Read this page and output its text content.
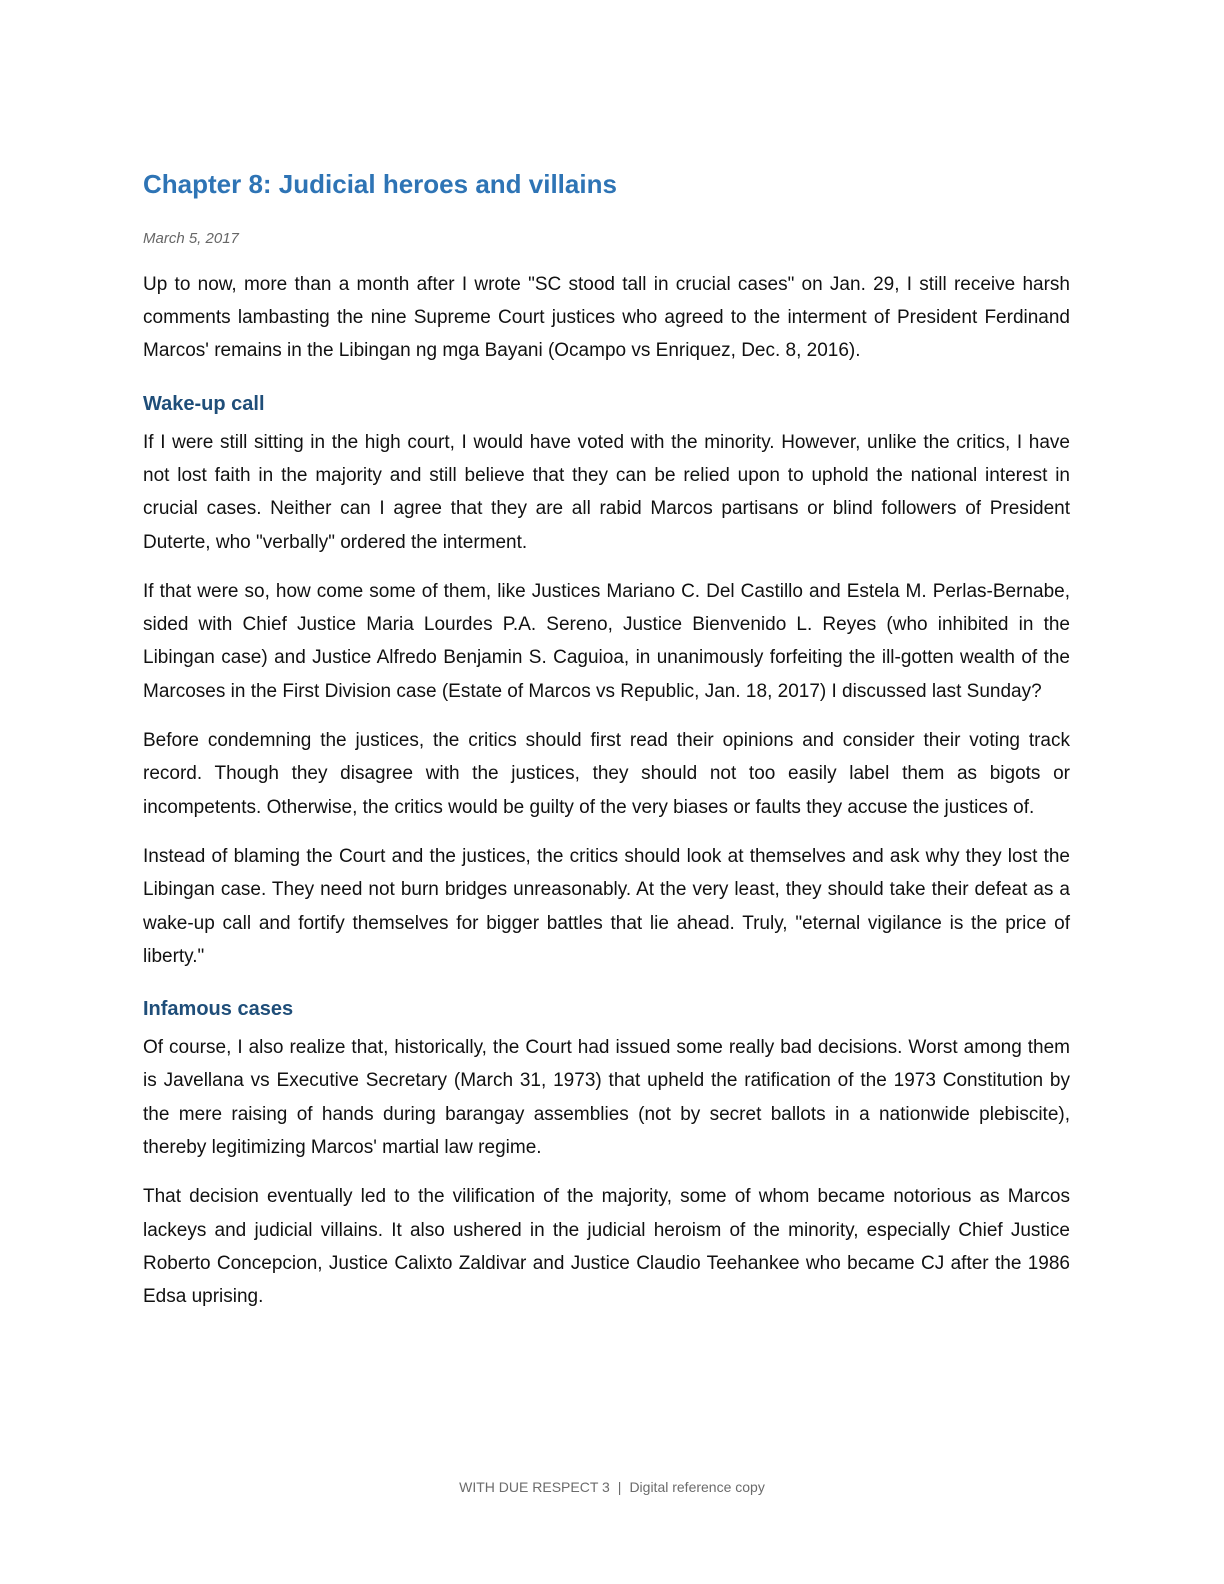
Chapter 8: Judicial heroes and villains

March 5, 2017

Up to now, more than a month after I wrote "SC stood tall in crucial cases" on Jan. 29, I still receive harsh comments lambasting the nine Supreme Court justices who agreed to the interment of President Ferdinand Marcos' remains in the Libingan ng mga Bayani (Ocampo vs Enriquez, Dec. 8, 2016).

Wake-up call

If I were still sitting in the high court, I would have voted with the minority. However, unlike the critics, I have not lost faith in the majority and still believe that they can be relied upon to uphold the national interest in crucial cases. Neither can I agree that they are all rabid Marcos partisans or blind followers of President Duterte, who "verbally" ordered the interment.

If that were so, how come some of them, like Justices Mariano C. Del Castillo and Estela M. Perlas-Bernabe, sided with Chief Justice Maria Lourdes P.A. Sereno, Justice Bienvenido L. Reyes (who inhibited in the Libingan case) and Justice Alfredo Benjamin S. Caguioa, in unanimously forfeiting the ill-gotten wealth of the Marcoses in the First Division case (Estate of Marcos vs Republic, Jan. 18, 2017) I discussed last Sunday?

Before condemning the justices, the critics should first read their opinions and consider their voting track record. Though they disagree with the justices, they should not too easily label them as bigots or incompetents. Otherwise, the critics would be guilty of the very biases or faults they accuse the justices of.

Instead of blaming the Court and the justices, the critics should look at themselves and ask why they lost the Libingan case. They need not burn bridges unreasonably. At the very least, they should take their defeat as a wake-up call and fortify themselves for bigger battles that lie ahead. Truly, "eternal vigilance is the price of liberty."

Infamous cases

Of course, I also realize that, historically, the Court had issued some really bad decisions. Worst among them is Javellana vs Executive Secretary (March 31, 1973) that upheld the ratification of the 1973 Constitution by the mere raising of hands during barangay assemblies (not by secret ballots in a nationwide plebiscite), thereby legitimizing Marcos' martial law regime.

That decision eventually led to the vilification of the majority, some of whom became notorious as Marcos lackeys and judicial villains. It also ushered in the judicial heroism of the minority, especially Chief Justice Roberto Concepcion, Justice Calixto Zaldivar and Justice Claudio Teehankee who became CJ after the 1986 Edsa uprising.

WITH DUE RESPECT 3 | Digital reference copy
